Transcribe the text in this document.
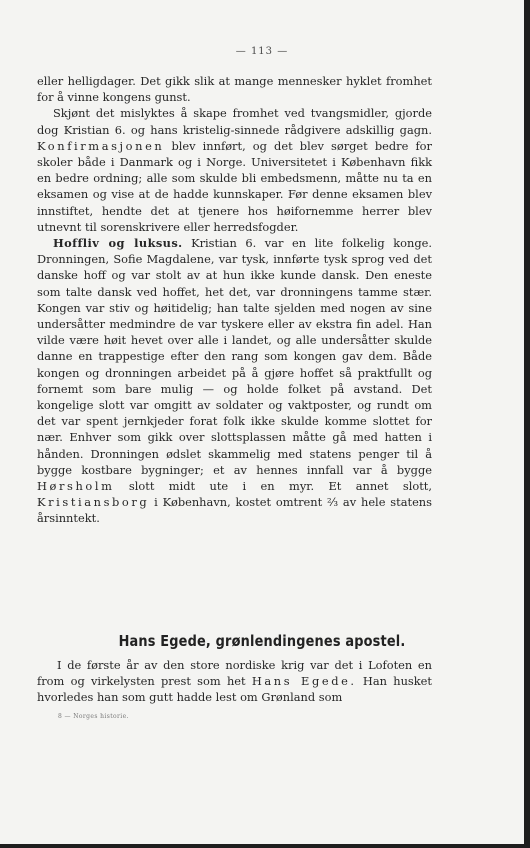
— 113 —

eller helligdager. Det gikk slik at mange mennesker hyklet fromhet for å vinne kongens gunst.

Skjønt det mislyktes å skape fromhet ved tvangsmidler, gjorde dog Kristian 6. og hans kristelig-sinnede rådgivere adskillig gagn. Konfirmasjonen blev innført, og det blev sørget bedre for skoler både i Danmark og i Norge. Universitetet i København fikk en bedre ordning; alle som skulde bli embedsmenn, måtte nu ta en eksamen og vise at de hadde kunnskaper. Før denne eksamen blev innstiftet, hendte det at tjenere hos høifornemme herrer blev utnevnt til sorenskrivere eller herredsfogder.

Hoffliv og luksus. Kristian 6. var en lite folkelig konge. Dronningen, Sofie Magdalene, var tysk, innførte tysk sprog ved det danske hoff og var stolt av at hun ikke kunde dansk. Den eneste som talte dansk ved hoffet, het det, var dronningens tamme stær. Kongen var stiv og høitidelig; han talte sjelden med nogen av sine undersåtter medmindre de var tyskere eller av ekstra fin adel. Han vilde være høit hevet over alle i landet, og alle undersåtter skulde danne en trappestige efter den rang som kongen gav dem. Både kongen og dronningen arbeidet på å gjøre hoffet så praktfullt og fornemt som bare mulig — og holde folket på avstand. Det kongelige slott var omgitt av soldater og vaktposter, og rundt om det var spent jernkjeder forat folk ikke skulde komme slottet for nær. Enhver som gikk over slottsplassen måtte gå med hatten i hånden. Dronningen ødslet skammelig med statens penger til å bygge kostbare bygninger; et av hennes innfall var å bygge Hørsholm slott midt ute i en myr. Et annet slott, Kristiansborg i København, kostet omtrent ²⁄₃ av hele statens årsinntekt.

Hans Egede, grønlendingenes apostel.

I de første år av den store nordiske krig var det i Lofoten en from og virkelysten prest som het Hans Egede. Han husket hvorledes han som gutt hadde lest om Grønland som

8 — Norges historie.
